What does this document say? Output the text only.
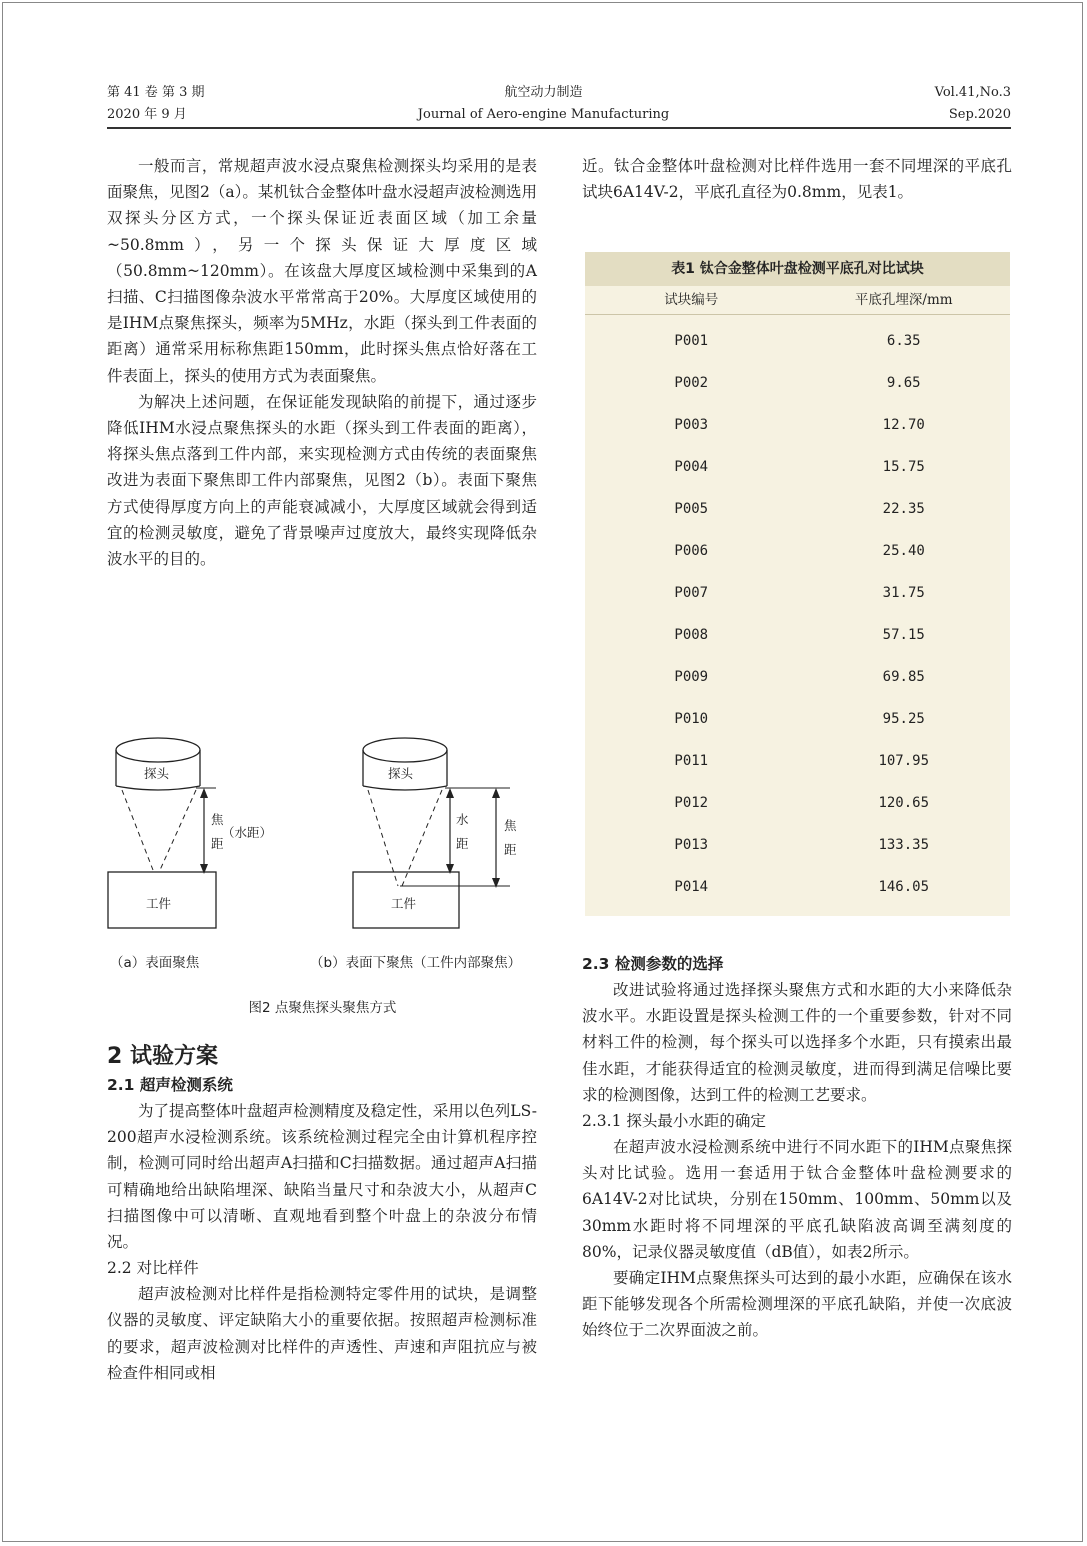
第 41 卷 第 3 期
2020 年 9 月
航空动力制造
Journal of Aero-engine Manufacturing
Vol.41,No.3
Sep.2020

一般而言，常规超声波水浸点聚焦检测探头均采用的是表面聚焦，见图2（a）。某机钛合金整体叶盘水浸超声波检测选用双探头分区方式，一个探头保证近表面区域（加工余量~50.8mm），另一个探头保证大厚度区域（50.8mm~120mm）。在该盘大厚度区域检测中采集到的A扫描、C扫描图像杂波水平常常高于20%。大厚度区域使用的是IHM点聚焦探头，频率为5MHz，水距（探头到工件表面的距离）通常采用标称焦距150mm，此时探头焦点恰好落在工件表面上，探头的使用方式为表面聚焦。

为解决上述问题，在保证能发现缺陷的前提下，通过逐步降低IHM水浸点聚焦探头的水距（探头到工件表面的距离），将探头焦点落到工件内部，来实现检测方式由传统的表面聚焦改进为表面下聚焦即工件内部聚焦，见图2（b）。表面下聚焦方式使得厚度方向上的声能衰减减小，大厚度区域就会得到适宜的检测灵敏度，避免了背景噪声过度放大，最终实现降低杂波水平的目的。

探头
焦
距
（水距）
工件
探头
水
距
焦
距
工件
（a）表面聚焦	（b）表面下聚焦（工件内部聚焦）
图2 点聚焦探头聚焦方式
2 试验方案
2.1 超声检测系统

为了提高整体叶盘超声检测精度及稳定性，采用以色列LS-200超声水浸检测系统。该系统检测过程完全由计算机程序控制，检测可同时给出超声A扫描和C扫描数据。通过超声A扫描可精确地给出缺陷埋深、缺陷当量尺寸和杂波大小，从超声C扫描图像中可以清晰、直观地看到整个叶盘上的杂波分布情况。

2.2 对比样件

超声波检测对比样件是指检测特定零件用的试块，是调整仪器的灵敏度、评定缺陷大小的重要依据。按照超声检测标准的要求，超声波检测对比样件的声透性、声速和声阻抗应与被检查件相同或相

近。钛合金整体叶盘检测对比样件选用一套不同埋深的平底孔试块6A14V-2，平底孔直径为0.8mm，见表1。

表1 钛合金整体叶盘检测平底孔对比试块
试块编号	平底孔埋深/mm
P001	6.35
P002	9.65
P003	12.70
P004	15.75
P005	22.35
P006	25.40
P007	31.75
P008	57.15
P009	69.85
P010	95.25
P011	107.95
P012	120.65
P013	133.35
P014	146.05
2.3 检测参数的选择

改进试验将通过选择探头聚焦方式和水距的大小来降低杂波水平。水距设置是探头检测工件的一个重要参数，针对不同材料工件的检测，每个探头可以选择多个水距，只有摸索出最佳水距，才能获得适宜的检测灵敏度，进而得到满足信噪比要求的检测图像，达到工件的检测工艺要求。

2.3.1 探头最小水距的确定

在超声波水浸检测系统中进行不同水距下的IHM点聚焦探头对比试验。选用一套适用于钛合金整体叶盘检测要求的6A14V-2对比试块，分别在150mm、100mm、50mm以及30mm水距时将不同埋深的平底孔缺陷波高调至满刻度的80%，记录仪器灵敏度值（dB值），如表2所示。

要确定IHM点聚焦探头可达到的最小水距，应确保在该水距下能够发现各个所需检测埋深的平底孔缺陷，并使一次底波始终位于二次界面波之前。
